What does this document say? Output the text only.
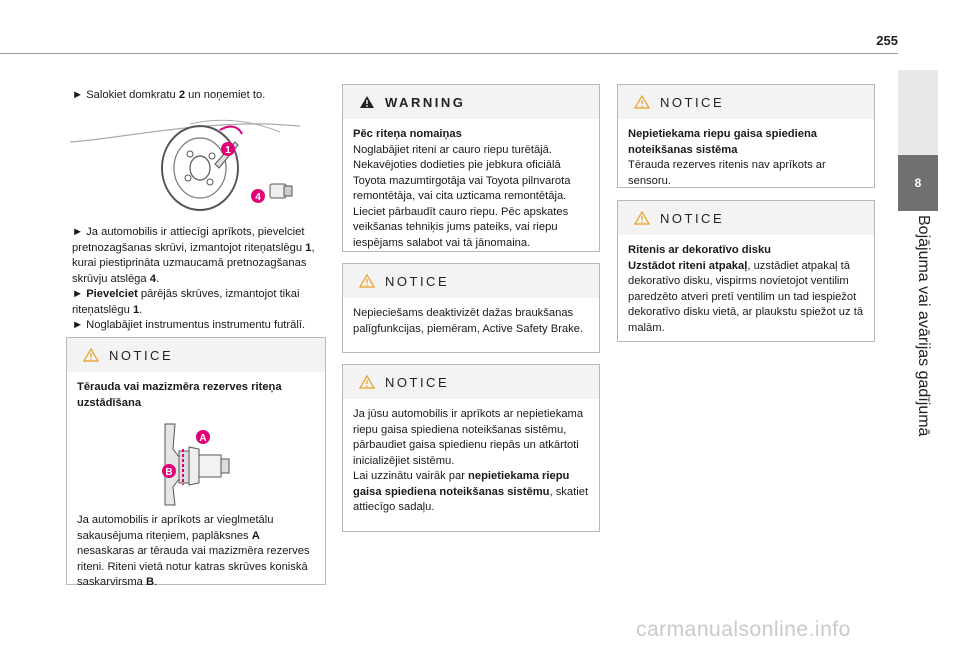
255
8
Bojājuma vai avārijas gadījumā
► Salokiet domkratu 2 un noņemiet to.
1
4

► Ja automobilis ir attiecīgi aprīkots, pievelciet pretnozagšanas skrūvi, izmantojot riteņatslēgu 1, kurai piestiprināta uzmaucamā pretnozagšanas skrūvju atslēga 4.

► Pievelciet pārējās skrūves, izmantojot tikai riteņatslēgu 1.

► Noglabājiet instrumentus instrumentu futrālī.

NOTICE

Tērauda vai mazizmēra rezerves riteņa uzstādīšana

A
B

Ja automobilis ir aprīkots ar vieglmetālu sakausējuma riteņiem, paplāksnes A nesaskaras ar tērauda vai mazizmēra rezerves riteni. Riteni vietā notur katras skrūves koniskā saskarvirsma B.

WARNING

Pēc riteņa nomaiņas

Noglabājiet riteni ar cauro riepu turētājā. Nekavējoties dodieties pie jebkura oficiālā Toyota mazumtirgotāja vai Toyota pilnvarota remontētāja, vai cita uzticama remontētāja. Lieciet pārbaudīt cauro riepu. Pēc apskates veikšanas tehniķis jums pateiks, vai riepu iespējams salabot vai tā jānomaina.

NOTICE

Nepieciešams deaktivizēt dažas braukšanas palīgfunkcijas, piemēram, Active Safety Brake.

NOTICE

Ja jūsu automobilis ir aprīkots ar nepietiekama riepu gaisa spiediena noteikšanas sistēmu, pārbaudiet gaisa spiedienu riepās un atkārtoti inicializējiet sistēmu.

Lai uzzinātu vairāk par nepietiekama riepu gaisa spiediena noteikšanas sistēmu, skatiet attiecīgo sadaļu.

NOTICE

Nepietiekama riepu gaisa spiediena noteikšanas sistēma

Tērauda rezerves ritenis nav aprīkots ar sensoru.

NOTICE

Ritenis ar dekoratīvo disku

Uzstādot riteni atpakaļ, uzstādiet atpakaļ tā dekoratīvo disku, vispirms novietojot ventilim paredzēto atveri pretī ventilim un tad iespiežot dekoratīvo disku vietā, ar plaukstu spiežot uz tā malām.

carmanualsonline.info
